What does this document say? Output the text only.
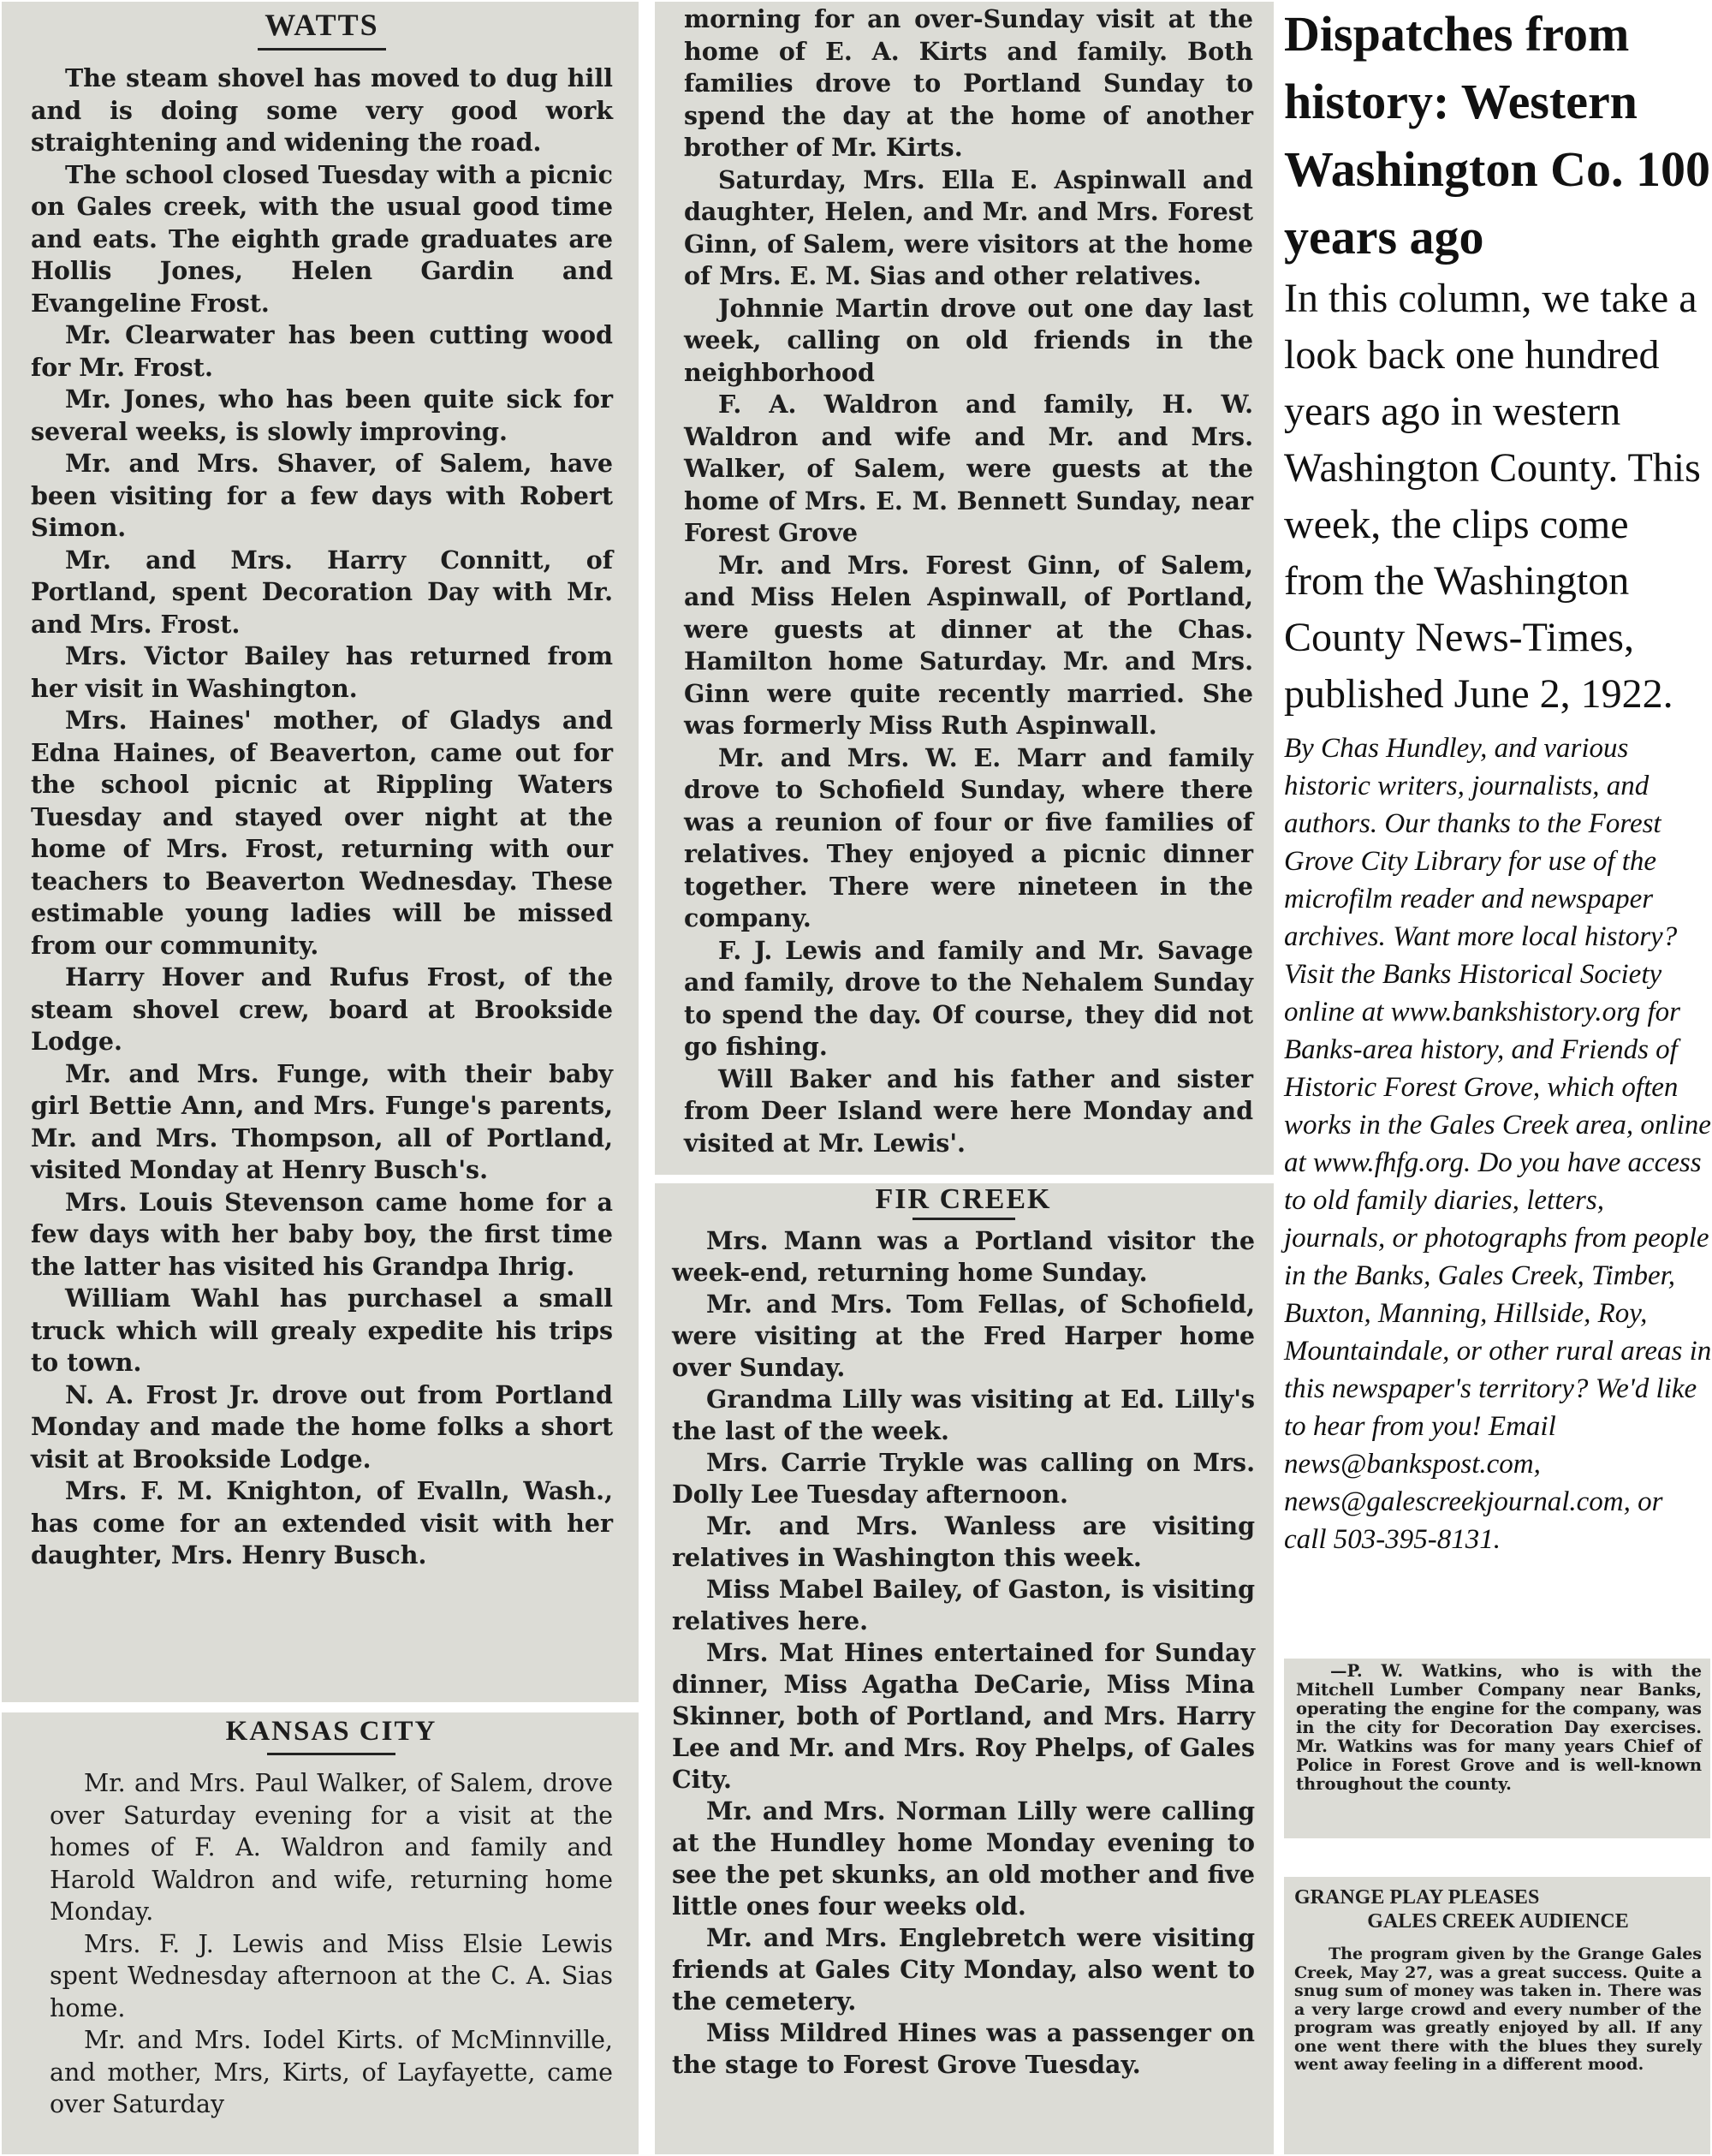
WATTS

The steam shovel has moved to dug hill and is doing some very good work straightening and widening the road.

The school closed Tuesday with a picnic on Gales creek, with the usual good time and eats. The eighth grade graduates are Hollis Jones, Helen Gardin and Evangeline Frost.

Mr. Clearwater has been cutting wood for Mr. Frost.

Mr. Jones, who has been quite sick for several weeks, is slowly improving.

Mr. and Mrs. Shaver, of Salem, have been visiting for a few days with Robert Simon.

Mr. and Mrs. Harry Connitt, of Portland, spent Decoration Day with Mr. and Mrs. Frost.

Mrs. Victor Bailey has returned from her visit in Washington.

Mrs. Haines' mother, of Gladys and Edna Haines, of Beaverton, came out for the school picnic at Rippling Waters Tuesday and stayed over night at the home of Mrs. Frost, returning with our teachers to Beaverton Wednesday. These estimable young ladies will be missed from our community.

Harry Hover and Rufus Frost, of the steam shovel crew, board at Brookside Lodge.

Mr. and Mrs. Funge, with their baby girl Bettie Ann, and Mrs. Funge's parents, Mr. and Mrs. Thompson, all of Portland, visited Monday at Henry Busch's.

Mrs. Louis Stevenson came home for a few days with her baby boy, the first time the latter has visited his Grandpa Ihrig.

William Wahl has purchasel a small truck which will grealy expedite his trips to town.

N. A. Frost Jr. drove out from Portland Monday and made the home folks a short visit at Brookside Lodge.

Mrs. F. M. Knighton, of Evalln, Wash., has come for an extended visit with her daughter, Mrs. Henry Busch.

morning for an over-Sunday visit at the home of E. A. Kirts and family. Both families drove to Portland Sunday to spend the day at the home of another brother of Mr. Kirts.

Saturday, Mrs. Ella E. Aspinwall and daughter, Helen, and Mr. and Mrs. Forest Ginn, of Salem, were visitors at the home of Mrs. E. M. Sias and other relatives.

Johnnie Martin drove out one day last week, calling on old friends in the neighborhood

F. A. Waldron and family, H. W. Waldron and wife and Mr. and Mrs. Walker, of Salem, were guests at the home of Mrs. E. M. Bennett Sunday, near Forest Grove

Mr. and Mrs. Forest Ginn, of Salem, and Miss Helen Aspinwall, of Portland, were guests at dinner at the Chas. Hamilton home Saturday. Mr. and Mrs. Ginn were quite recently married. She was formerly Miss Ruth Aspinwall.

Mr. and Mrs. W. E. Marr and family drove to Schofield Sunday, where there was a reunion of four or five families of relatives. They enjoyed a picnic dinner together. There were nineteen in the company.

F. J. Lewis and family and Mr. Savage and family, drove to the Nehalem Sunday to spend the day. Of course, they did not go fishing.

Will Baker and his father and sister from Deer Island were here Monday and visited at Mr. Lewis'.

KANSAS CITY

Mr. and Mrs. Paul Walker, of Salem, drove over Saturday evening for a visit at the homes of F. A. Waldron and family and Harold Waldron and wife, returning home Monday.

Mrs. F. J. Lewis and Miss Elsie Lewis spent Wednesday afternoon at the C. A. Sias home.

Mr. and Mrs. Iodel Kirts. of McMinnville, and mother, Mrs, Kirts, of Layfayette, came over Saturday

FIR CREEK

Mrs. Mann was a Portland visitor the week-end, returning home Sunday.

Mr. and Mrs. Tom Fellas, of Schofield, were visiting at the Fred Harper home over Sunday.

Grandma Lilly was visiting at Ed. Lilly's the last of the week.

Mrs. Carrie Trykle was calling on Mrs. Dolly Lee Tuesday afternoon.

Mr. and Mrs. Wanless are visiting relatives in Washington this week.

Miss Mabel Bailey, of Gaston, is visiting relatives here.

Mrs. Mat Hines entertained for Sunday dinner, Miss Agatha DeCarie, Miss Mina Skinner, both of Portland, and Mrs. Harry Lee and Mr. and Mrs. Roy Phelps, of Gales City.

Mr. and Mrs. Norman Lilly were calling at the Hundley home Monday evening to see the pet skunks, an old mother and five little ones four weeks old.

Mr. and Mrs. Englebretch were visiting friends at Gales City Monday, also went to the cemetery.

Miss Mildred Hines was a passenger on the stage to Forest Grove Tuesday.

Dispatches from history: Western Washington Co. 100 years ago

In this column, we take a look back one hundred years ago in western Washington County. This week, the clips come from the Washington County News-Times, published June 2, 1922.

By Chas Hundley, and various historic writers, journalists, and authors. Our thanks to the Forest Grove City Library for use of the microfilm reader and newspaper archives. Want more local history? Visit the Banks Historical Society online at www.bankshistory.org for Banks-area history, and Friends of Historic Forest Grove, which often works in the Gales Creek area, online at www.fhfg.org. Do you have access to old family diaries, letters, journals, or photographs from people in the Banks, Gales Creek, Timber, Buxton, Manning, Hillside, Roy, Mountaindale, or other rural areas in this newspaper's territory? We'd like to hear from you! Email news@bankspost.com, news@galescreekjournal.com, or call 503-395-8131.

—P. W. Watkins, who is with the Mitchell Lumber Company near Banks, operating the engine for the company, was in the city for Decoration Day exercises. Mr. Watkins was for many years Chief of Police in Forest Grove and is well-known throughout the county.

GRANGE PLAY PLEASES
GALES CREEK AUDIENCE

The program given by the Grange Gales Creek, May 27, was a great success. Quite a snug sum of money was taken in. There was a very large crowd and every number of the program was greatly enjoyed by all. If any one went there with the blues they surely went away feeling in a different mood.
